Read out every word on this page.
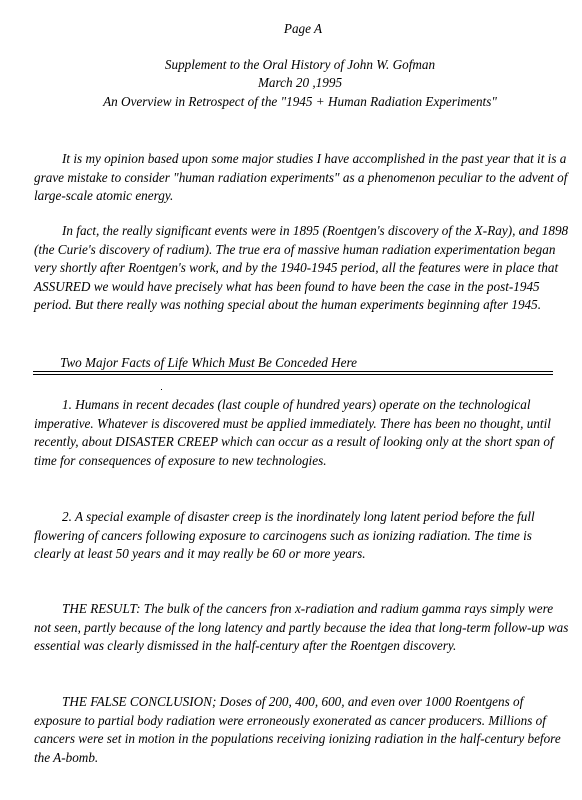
Page A
Supplement to the Oral History of John W. Gofman
March 20 ,1995
An Overview in Retrospect of the "1945 + Human Radiation Experiments"

It is my opinion based upon some major studies I have accomplished in the past year that it is a grave mistake to consider "human radiation experiments" as a phenomenon peculiar to the advent of large-scale atomic energy.

In fact, the really significant events were in 1895 (Roentgen's discovery of the X-Ray), and 1898 (the Curie's discovery of radium). The true era of massive human radiation experimentation began very shortly after Roentgen's work, and by the 1940-1945 period, all the features were in place that ASSURED we would have precisely what has been found to have been the case in the post-1945 period. But there really was nothing special about the human experiments beginning after 1945.

Two Major Facts of Life Which Must Be Conceded Here

1. Humans in recent decades (last couple of hundred years) operate on the technological imperative. Whatever is discovered must be applied immediately. There has been no thought, until recently, about DISASTER CREEP which can occur as a result of looking only at the short span of time for consequences of exposure to new technologies.

2. A special example of disaster creep is the inordinately long latent period before the full flowering of cancers following exposure to carcinogens such as ionizing radiation. The time is clearly at least 50 years and it may really be 60 or more years.

THE RESULT: The bulk of the cancers fron x-radiation and radium gamma rays simply were not seen, partly because of the long latency and partly because the idea that long-term follow-up was essential was clearly dismissed in the half-century after the Roentgen discovery.

THE FALSE CONCLUSION; Doses of 200, 400, 600, and even over 1000 Roentgens of exposure to partial body radiation were erroneously exonerated as cancer producers. Millions of cancers were set in motion in the populations receiving ionizing radiation in the half-century before the A-bomb.
